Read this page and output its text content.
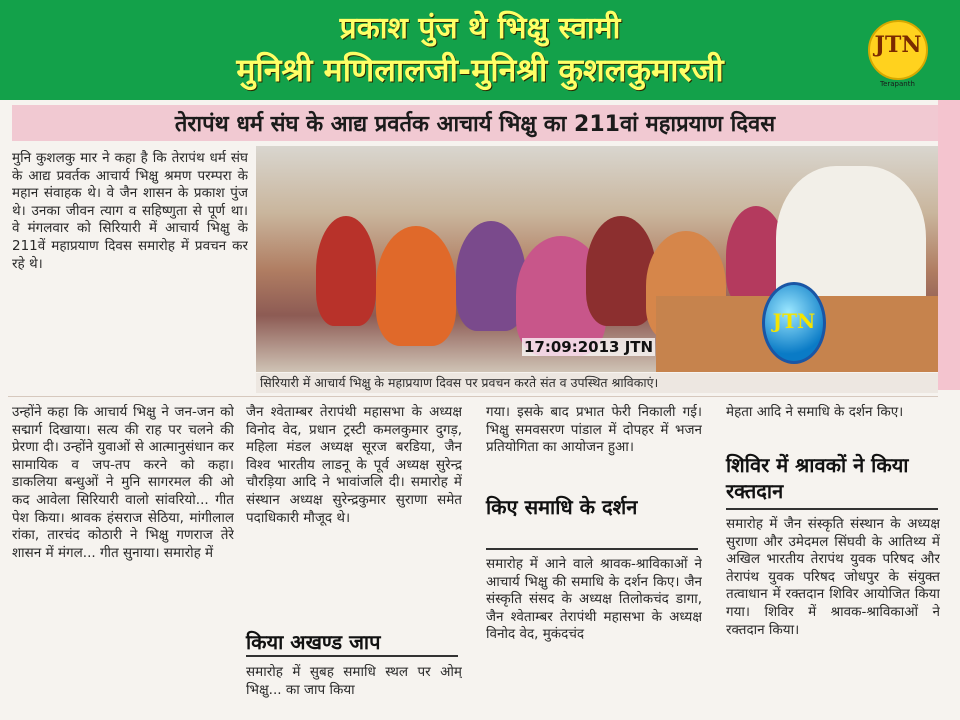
प्रकाश पुंज थे भिक्षु स्वामी
मुनिश्री मणिलालजी-मुनिश्री कुशलकुमारजी
JTN
Terapanth
तेरापंथ धर्म संघ के आद्य प्रवर्तक आचार्य भिक्षु का 211वां महाप्रयाण दिवस
मुनि कुशलकु मार ने कहा है कि तेरापंथ धर्म संघ के आद्य प्रवर्तक आचार्य भिक्षु श्रमण परम्परा के महान संवाहक थे। वे जैन शासन के प्रकाश पुंज थे। उनका जीवन त्याग व सहिष्णुता से पूर्ण था। वे मंगलवार को सिरियारी में आचार्य भिक्षु के 211वें महाप्रयाण दिवस समारोह में प्रवचन कर रहे थे।
17:09:2013 JTN
JTN
सिरियारी में आचार्य भिक्षु के महाप्रयाण दिवस पर प्रवचन करते संत व उपस्थित श्राविकाएं।
उन्होंने कहा कि आचार्य भिक्षु ने जन-जन को सद्मार्ग दिखाया। सत्य की राह पर चलने की प्रेरणा दी। उन्होंने युवाओं से आत्मानुसंधान कर सामायिक व जप-तप करने को कहा। डाकलिया बन्धुओं ने मुनि सागरमल की ओ कद आवेला सिरियारी वालो सांवरियो... गीत पेश किया। श्रावक हंसराज सेठिया, मांगीलाल रांका, तारचंद कोठारी ने भिक्षु गणराज तेरे शासन में मंगल... गीत सुनाया। समारोह में
जैन श्वेताम्बर तेरापंथी महासभा के अध्यक्ष विनोद वेद, प्रधान ट्रस्टी कमलकुमार दुगड़, महिला मंडल अध्यक्ष सूरज बरडिया, जैन विश्व भारतीय लाडनू के पूर्व अध्यक्ष सुरेन्द्र चौरड़िया आदि ने भावांजलि दी। समारोह में संस्थान अध्यक्ष सुरेन्द्रकुमार सुराणा समेत पदाधिकारी मौजूद थे।
किया अखण्ड जाप
समारोह में सुबह समाधि स्थल पर ओम् भिक्षु... का जाप किया
गया। इसके बाद प्रभात फेरी निकाली गई। भिक्षु समवसरण पांडाल में दोपहर में भजन प्रतियोगिता का आयोजन हुआ।
किए समाधि के दर्शन
समारोह में आने वाले श्रावक-श्राविकाओं ने आचार्य भिक्षु की समाधि के दर्शन किए। जैन संस्कृति संसद के अध्यक्ष तिलोकचंद डागा, जैन श्वेताम्बर तेरापंथी महासभा के अध्यक्ष विनोद वेद, मुकंदचंद
मेहता आदि ने समाधि के दर्शन किए।
शिविर में श्रावकों ने किया रक्तदान
समारोह में जैन संस्कृति संस्थान के अध्यक्ष सुराणा और उमेदमल सिंघवी के आतिथ्य में अखिल भारतीय तेरापंथ युवक परिषद और तेरापंथ युवक परिषद जोधपुर के संयुक्त तत्वाधान में रक्तदान शिविर आयोजित किया गया। शिविर में श्रावक-श्राविकाओं ने रक्तदान किया।
